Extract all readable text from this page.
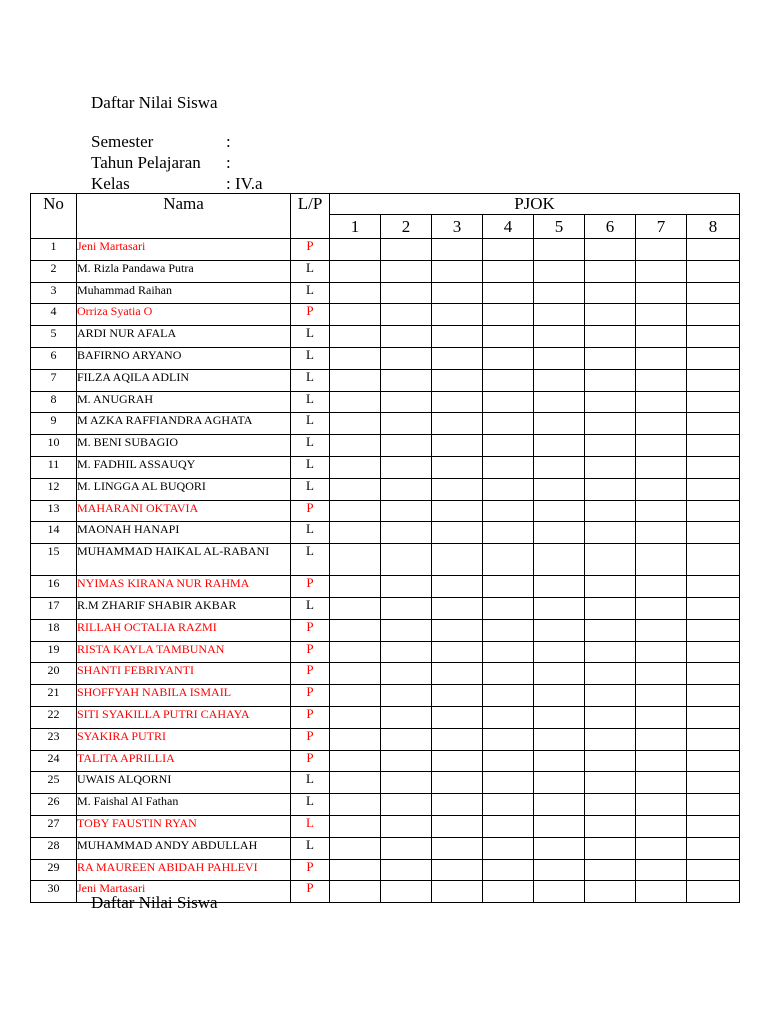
Daftar Nilai Siswa
Semester	:
Tahun Pelajaran :
Kelas	: IV.a
No	Nama	L/P	PJOK							
			1	2	3	4	5	6	7	8
1	Jeni Martasari	P								
2	M. Rizla Pandawa Putra	L								
3	Muhammad Raihan	L								
4	Orriza Syatia O	P								
5	ARDI NUR AFALA	L								
6	BAFIRNO ARYANO	L								
7	FILZA AQILA ADLIN	L								
8	M. ANUGRAH	L								
9	M AZKA RAFFIANDRA AGHATA	L								
10	M. BENI SUBAGIO	L								
11	M. FADHIL ASSAUQY	L								
12	M. LINGGA AL BUQORI	L								
13	MAHARANI OKTAVIA	P								
14	MAONAH HANAPI	L								
15	MUHAMMAD HAIKAL AL-RABANI	L								
16	NYIMAS KIRANA NUR RAHMA	P								
17	R.M ZHARIF SHABIR AKBAR	L								
18	RILLAH OCTALIA RAZMI	P								
19	RISTA KAYLA TAMBUNAN	P								
20	SHANTI FEBRIYANTI	P								
21	SHOFFYAH NABILA ISMAIL	P								
22	SITI SYAKILLA PUTRI CAHAYA	P								
23	SYAKIRA PUTRI	P								
24	TALITA APRILLIA	P								
25	UWAIS ALQORNI	L								
26	M. Faishal Al Fathan	L								
27	TOBY FAUSTIN RYAN	L								
28	MUHAMMAD ANDY ABDULLAH	L								
29	RA MAUREEN ABIDAH PAHLEVI	P								
30	Jeni Martasari	P								
Daftar Nilai Siswa
